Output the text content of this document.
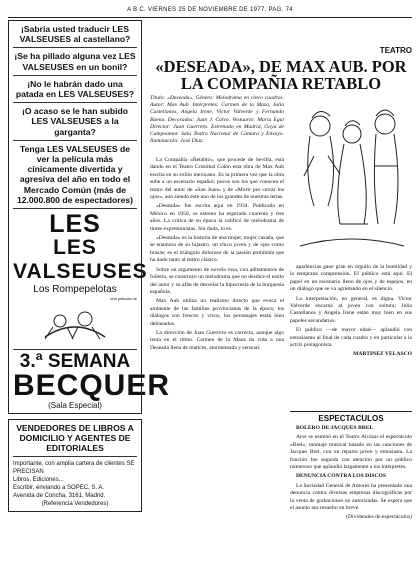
A B C. VIERNES 25 DE NOVIEMBRE DE 1977. PAG. 74

¡Sabría usted traducir LES VALSEUSES al castellano?

¡Se ha pillado alguna vez LES VALSEUSES en un bonil?

¡No le habrán dado una patada en LES VALSEUSES?

¡O acaso se le han subido LES VALSEUSES a la garganta?

Tenga LES VALSEUSES de ver la película más cínicamente divertida y agresiva del año en todo el Mercado Común (más de 12.000.800 de espectadores)

LES
LES VALSEUSES
Los Rompepelotas
una pelicula de
3.ª SEMANA
BECQUER
(Sala Especial)
VENDEDORES DE LIBROS A DOMICILIO Y AGENTES DE EDITORIALES
Importante, con amplia cartera de clientes SE PRECISAN
Libros, Ediciones...
Escribir, enviando a SOPEC, S. A.
Avenida de Concha, 3161, Madrid.
(Referencia Vendedores)
TEATRO
«DESEADA», DE MAX AUB. POR LA COMPAÑIA RETABLO
Título: «Deseada». Género: Melodrama en cinco cuadros. Autor: Max Aub. Intérpretes: Carmen de la Maza, Julia Castellanos, Angela Irene, Victor Valverde y Fernando Baena. Decorados: Juan J. Calvo. Vestuario: Maria Eguí Director: Juan Guerrero. Estrenado en Madrid, Goya de Campoamor. Sala Teatro Nacional de Cámara y Ensayo. Iluminación: José Díaz.

La Compañía «Retablo», que procede de Sevilla, está dando en el Teatro Cristóbal Colón esta obra de Max Aub escrita en su exilio mexicano. Es la primera vez que la obra sube a un escenario español; pocos son los que conocen el teatro del autor de «San Juan» y de «Morir por cerrar los ojos», aun siendo éste uno de los grandes de nuestras letras.

«Deseada» fue escrita aquí en 1934. Publicada en México en 1950, su estreno ha esperado cuarenta y tres años. La crítica de su época la calificó de melodrama de tintes expresionistas. Sin duda, lo es.

«Deseada» es la historia de una mujer, mujer casada, que se enamora de su hijastro, un chico joven y de ojos como brasas; es el triángulo doloroso de la pasión prohibida que ha dado tanto al teatro clásico.

Sobre un argumento de novela rosa, con aditamentos de folletín, se construye un melodrama que no desdice el estilo del autor y su afán de desvelar la hipocresía de la burguesía española.

Max Aub utiliza un realismo directo que evoca el ambiente de las familias provincianas de la época; los diálogos son frescos y vivos, los personajes están bien delineados.

La dirección de Juan Guerrero es correcta, aunque algo lenta en el ritmo. Carmen de la Maza da vida a una Deseada llena de matices, atormentada y sensual.

apariencias gane gran en orgullo de la humildad y la temprana comprensión. El público está aquí. El papel en un escenario lleno de ojos y de espejos, en un diálogo que se va agrietando en el silencio.

La interpretación, en general, es digna. Victor Valverde encarna al joven con soltura; Julia Castellanos y Angela Irene están muy bien en sus papeles secundarios.

El público —de mayor edad— aplaudió con entusiasmo al final de cada cuadro y en particular a la actriz protagonista.

MARTINEZ VELASCO
ESPECTACULOS

BOLERO DE JACQUES BREL

Ayer se estrenó en el Teatro Alcázar el espectáculo «Brel», montaje musical basado en las canciones de Jacques Brel, con un reparto joven y entusiasta. La función fue seguida con atención por un público numeroso que aplaudió largamente a los intérpretes.

DENUNCIA CONTRA LOS DISCOS

La Sociedad General de Autores ha presentado una denuncia contra diversas empresas discográficas por la venta de grabaciones no autorizadas. Se espera que el asunto sea resuelto en breve.

(Dividendos de espectáculos)
